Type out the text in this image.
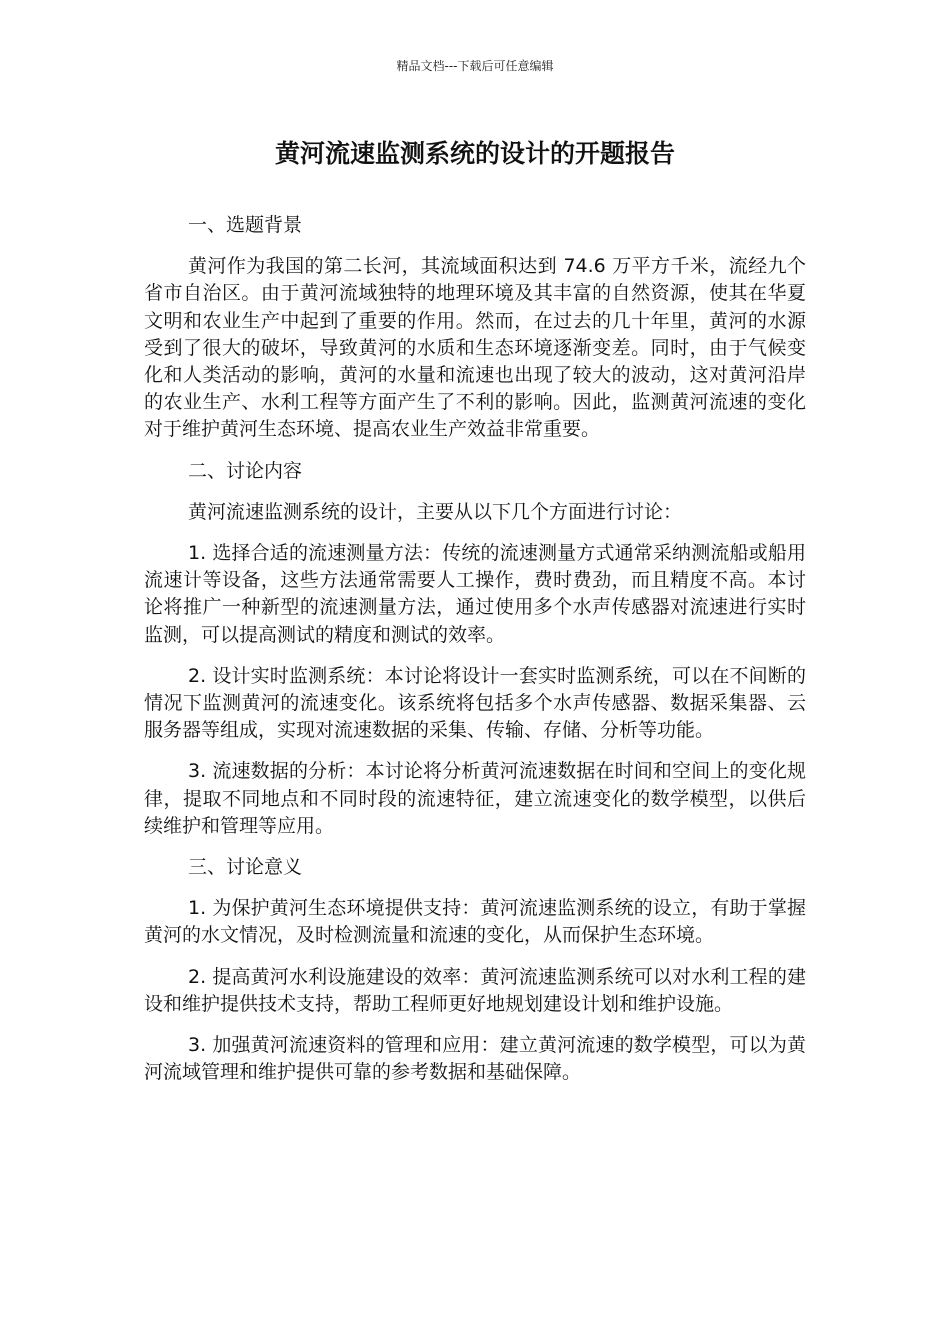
精品文档---下载后可任意编辑
黄河流速监测系统的设计的开题报告

一、选题背景

黄河作为我国的第二长河，其流域面积达到 74.6 万平方千米，流经九个省市自治区。由于黄河流域独特的地理环境及其丰富的自然资源，使其在华夏文明和农业生产中起到了重要的作用。然而，在过去的几十年里，黄河的水源受到了很大的破坏，导致黄河的水质和生态环境逐渐变差。同时，由于气候变化和人类活动的影响，黄河的水量和流速也出现了较大的波动，这对黄河沿岸的农业生产、水利工程等方面产生了不利的影响。因此，监测黄河流速的变化对于维护黄河生态环境、提高农业生产效益非常重要。

二、讨论内容

黄河流速监测系统的设计，主要从以下几个方面进行讨论：

1. 选择合适的流速测量方法：传统的流速测量方式通常采纳测流船或船用流速计等设备，这些方法通常需要人工操作，费时费劲，而且精度不高。本讨论将推广一种新型的流速测量方法，通过使用多个水声传感器对流速进行实时监测，可以提高测试的精度和测试的效率。

2. 设计实时监测系统：本讨论将设计一套实时监测系统，可以在不间断的情况下监测黄河的流速变化。该系统将包括多个水声传感器、数据采集器、云服务器等组成，实现对流速数据的采集、传输、存储、分析等功能。

3. 流速数据的分析：本讨论将分析黄河流速数据在时间和空间上的变化规律，提取不同地点和不同时段的流速特征，建立流速变化的数学模型，以供后续维护和管理等应用。

三、讨论意义

1. 为保护黄河生态环境提供支持：黄河流速监测系统的设立，有助于掌握黄河的水文情况，及时检测流量和流速的变化，从而保护生态环境。

2. 提高黄河水利设施建设的效率：黄河流速监测系统可以对水利工程的建设和维护提供技术支持，帮助工程师更好地规划建设计划和维护设施。

3. 加强黄河流速资料的管理和应用：建立黄河流速的数学模型，可以为黄河流域管理和维护提供可靠的参考数据和基础保障。
